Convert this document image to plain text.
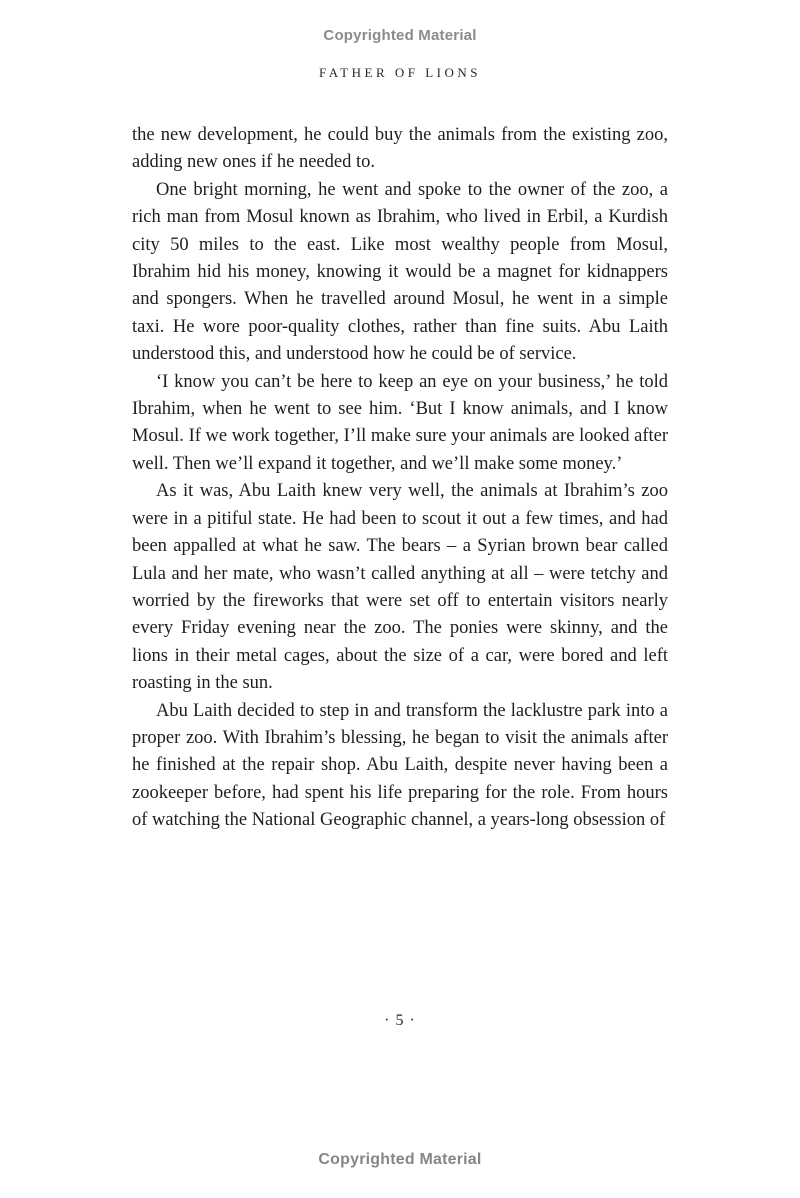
Copyrighted Material
FATHER OF LIONS

the new development, he could buy the animals from the existing zoo, adding new ones if he needed to.

One bright morning, he went and spoke to the owner of the zoo, a rich man from Mosul known as Ibrahim, who lived in Erbil, a Kurdish city 50 miles to the east. Like most wealthy people from Mosul, Ibrahim hid his money, knowing it would be a magnet for kidnappers and spongers. When he travelled around Mosul, he went in a simple taxi. He wore poor-quality clothes, rather than fine suits. Abu Laith understood this, and understood how he could be of service.

‘I know you can’t be here to keep an eye on your business,’ he told Ibrahim, when he went to see him. ‘But I know animals, and I know Mosul. If we work together, I’ll make sure your animals are looked after well. Then we’ll expand it together, and we’ll make some money.’

As it was, Abu Laith knew very well, the animals at Ibrahim’s zoo were in a pitiful state. He had been to scout it out a few times, and had been appalled at what he saw. The bears – a Syrian brown bear called Lula and her mate, who wasn’t called anything at all – were tetchy and worried by the fireworks that were set off to entertain visitors nearly every Friday evening near the zoo. The ponies were skinny, and the lions in their metal cages, about the size of a car, were bored and left roasting in the sun.

Abu Laith decided to step in and transform the lacklustre park into a proper zoo. With Ibrahim’s blessing, he began to visit the animals after he finished at the repair shop. Abu Laith, despite never having been a zookeeper before, had spent his life preparing for the role. From hours of watching the National Geographic channel, a years-long obsession of

· 5 ·
Copyrighted Material
